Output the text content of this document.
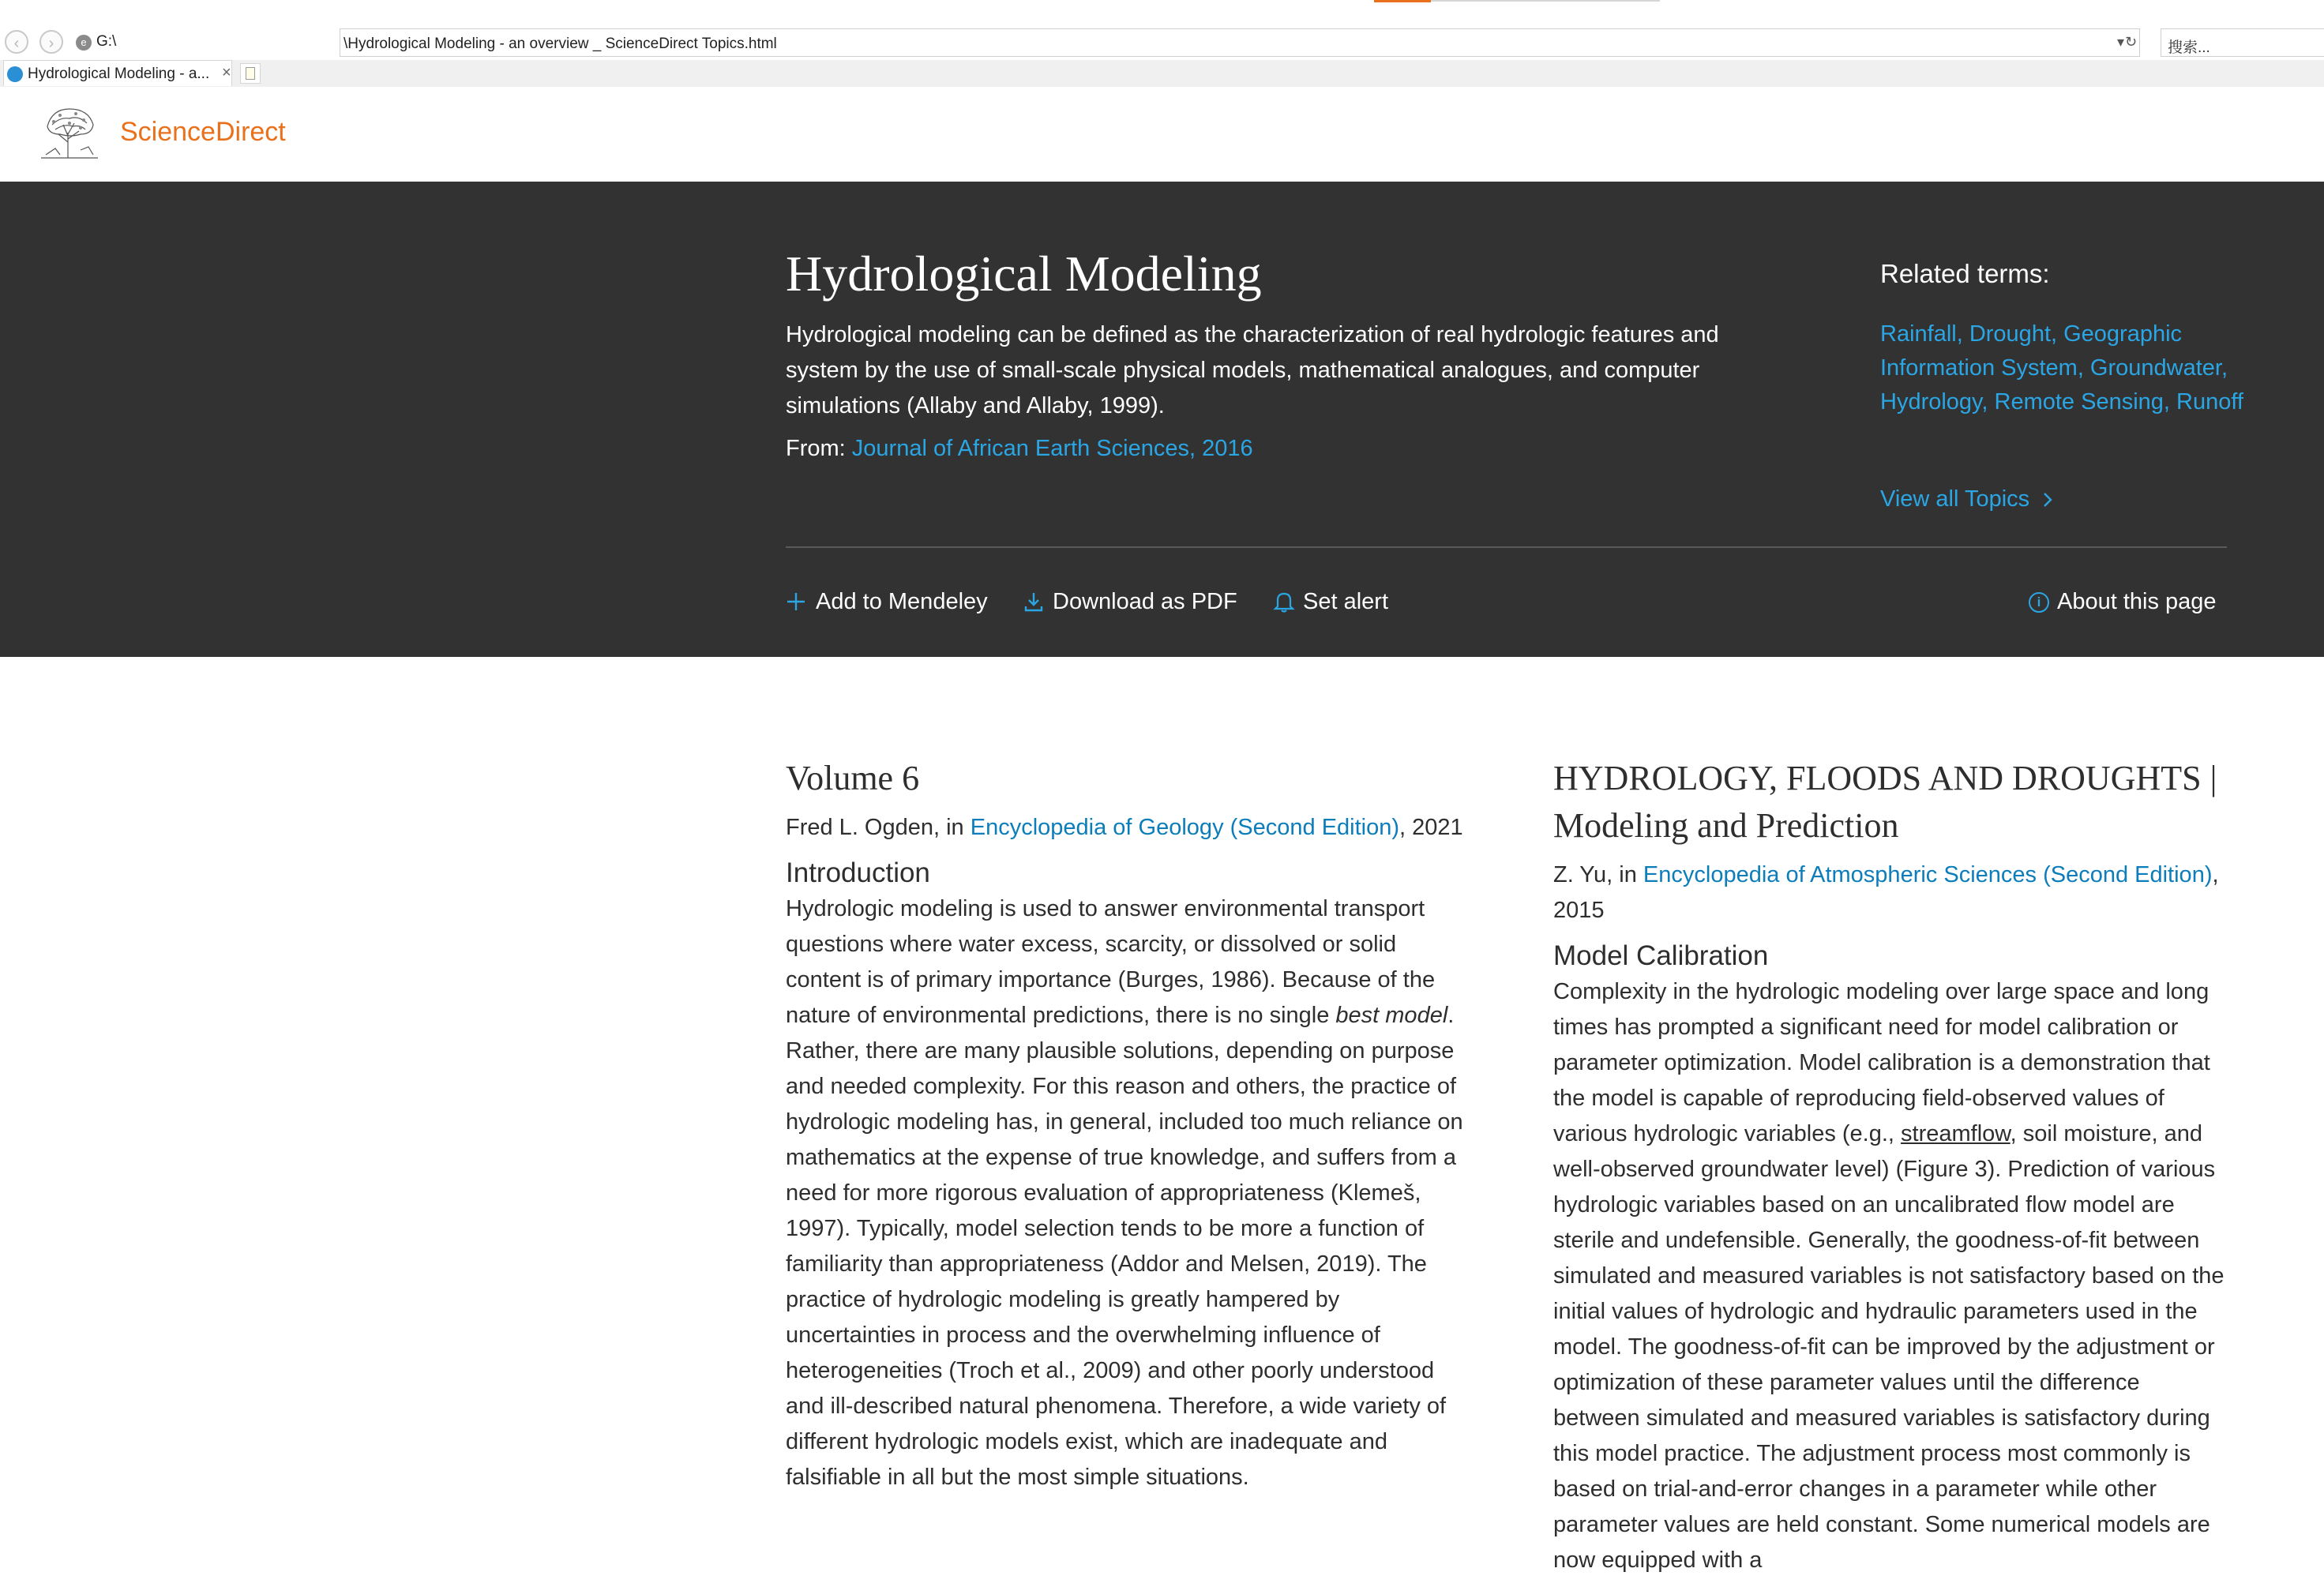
‹	›	e G:\	\Hydrological Modeling - an overview _ ScienceDirect Topics.html	▾ ↻ 搜索...
Hydrological Modeling - a... ×
ScienceDirect
Hydrological Modeling

Hydrological modeling can be defined as the characterization of real hydrologic features and system by the use of small-scale physical models, mathematical analogues, and computer simulations (Allaby and Allaby, 1999).

From: Journal of African Earth Sciences, 2016
Related terms:
Rainfall, Drought, Geographic Information System, Groundwater, Hydrology, Remote Sensing, Runoff
View all Topics
Add to Mendeley	Download as PDF	Set alert	i About this page
Volume 6

Fred L. Ogden, in Encyclopedia of Geology (Second Edition), 2021

Introduction

Hydrologic modeling is used to answer environmental transport questions where water excess, scarcity, or dissolved or solid content is of primary importance (Burges, 1986). Because of the nature of environmental predictions, there is no single best model. Rather, there are many plausible solutions, depending on purpose and needed complexity. For this reason and others, the practice of hydrologic modeling has, in general, included too much reliance on mathematics at the expense of true knowledge, and suffers from a need for more rigorous evaluation of appropriateness (Klemeš, 1997). Typically, model selection tends to be more a function of familiarity than appropriateness (Addor and Melsen, 2019). The practice of hydrologic modeling is greatly hampered by uncertainties in process and the overwhelming influence of heterogeneities (Troch et al., 2009) and other poorly understood and ill-described natural phenomena. Therefore, a wide variety of different hydrologic models exist, which are inadequate and falsifiable in all but the most simple situations.

HYDROLOGY, FLOODS AND DROUGHTS | Modeling and Prediction

Z. Yu, in Encyclopedia of Atmospheric Sciences (Second Edition), 2015

Model Calibration

Complexity in the hydrologic modeling over large space and long times has prompted a significant need for model calibration or parameter optimization. Model calibration is a demonstration that the model is capable of reproducing field-observed values of various hydrologic variables (e.g., streamflow, soil moisture, and well-observed groundwater level) (Figure 3). Prediction of various hydrologic variables based on an uncalibrated flow model are sterile and undefensible. Generally, the goodness-of-fit between simulated and measured variables is not satisfactory based on the initial values of hydrologic and hydraulic parameters used in the model. The goodness-of-fit can be improved by the adjustment or optimization of these parameter values until the difference between simulated and measured variables is satisfactory during this model practice. The adjustment process most commonly is based on trial-and-error changes in a parameter while other parameter values are held constant. Some numerical models are now equipped with a
